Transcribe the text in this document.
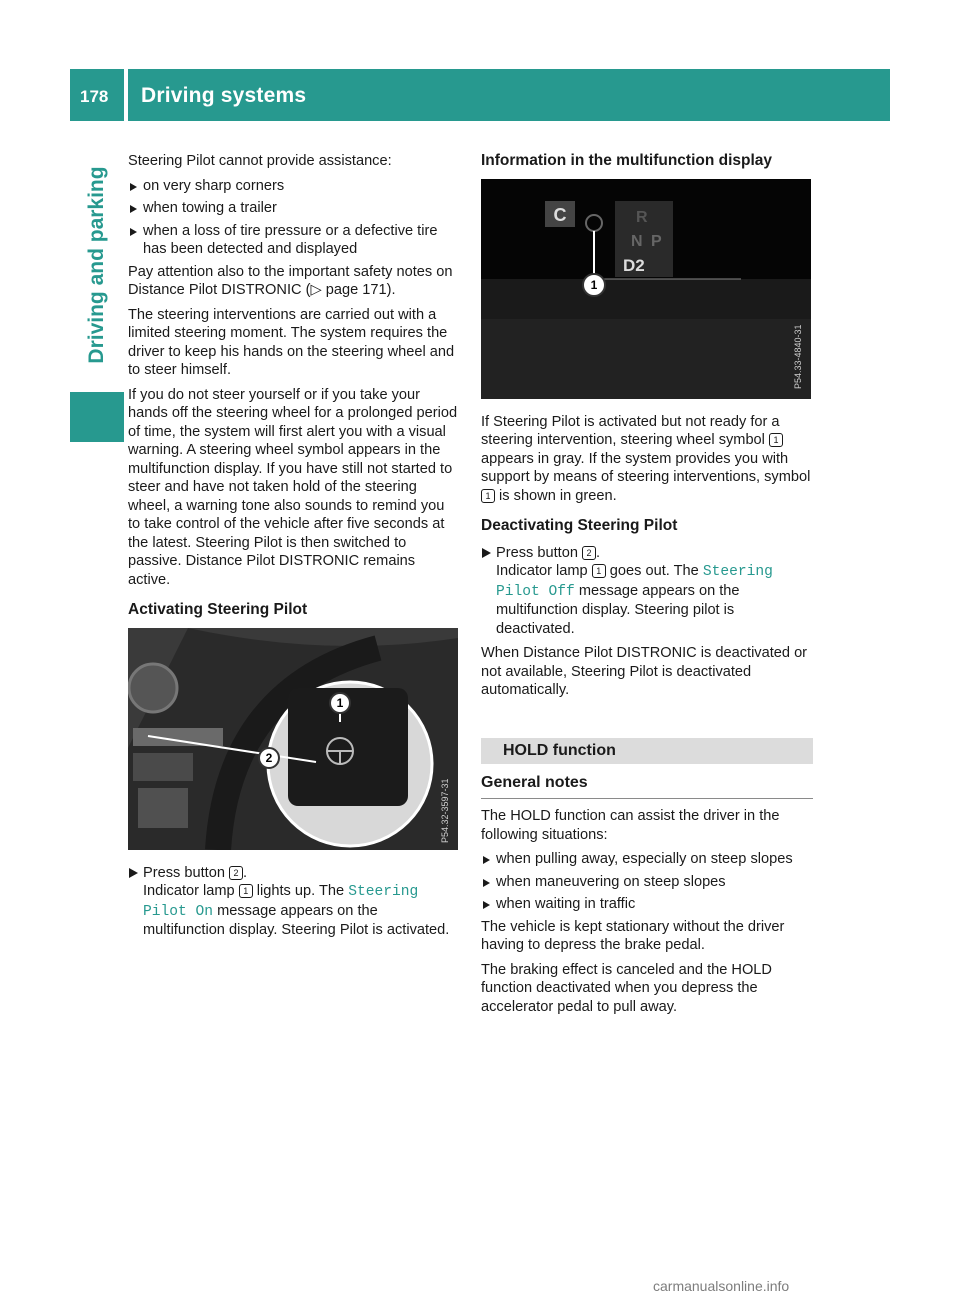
178 Driving systems
Driving and parking

Steering Pilot cannot provide assistance:

on very sharp corners
when towing a trailer
when a loss of tire pressure or a defective tire has been detected and displayed

Pay attention also to the important safety notes on Distance Pilot DISTRONIC (▷ page 171).

The steering interventions are carried out with a limited steering moment. The system requires the driver to keep his hands on the steering wheel and to steer himself.

If you do not steer yourself or if you take your hands off the steering wheel for a prolonged period of time, the system will first alert you with a visual warning. A steering wheel symbol appears in the multifunction display. If you have still not started to steer and have not taken hold of the steering wheel, a warning tone also sounds to remind you to take control of the vehicle after five seconds at the latest. Steering Pilot is then switched to passive. Distance Pilot DISTRONIC remains active.

Activating Steering Pilot
1
2
P54.32-3597-31
Press button 2 .
Indicator lamp 1 lights up. The Steering Pilot On message appears on the multifunction display. Steering Pilot is activated.
Information in the multifunction display
C	R
N P
D2
1
P54.33-4840-31

If Steering Pilot is activated but not ready for a steering intervention, steering wheel symbol 1 appears in gray. If the system provides you with support by means of steering interventions, symbol 1 is shown in green.

Deactivating Steering Pilot
Press button 2 .
Indicator lamp 1 goes out. The Steering Pilot Off message appears on the multifunction display. Steering pilot is deactivated.

When Distance Pilot DISTRONIC is deactivated or not available, Steering Pilot is deactivated automatically.

HOLD function
General notes

The HOLD function can assist the driver in the following situations:

when pulling away, especially on steep slopes
when maneuvering on steep slopes
when waiting in traffic

The vehicle is kept stationary without the driver having to depress the brake pedal.

The braking effect is canceled and the HOLD function deactivated when you depress the accelerator pedal to pull away.

carmanualsonline.info
